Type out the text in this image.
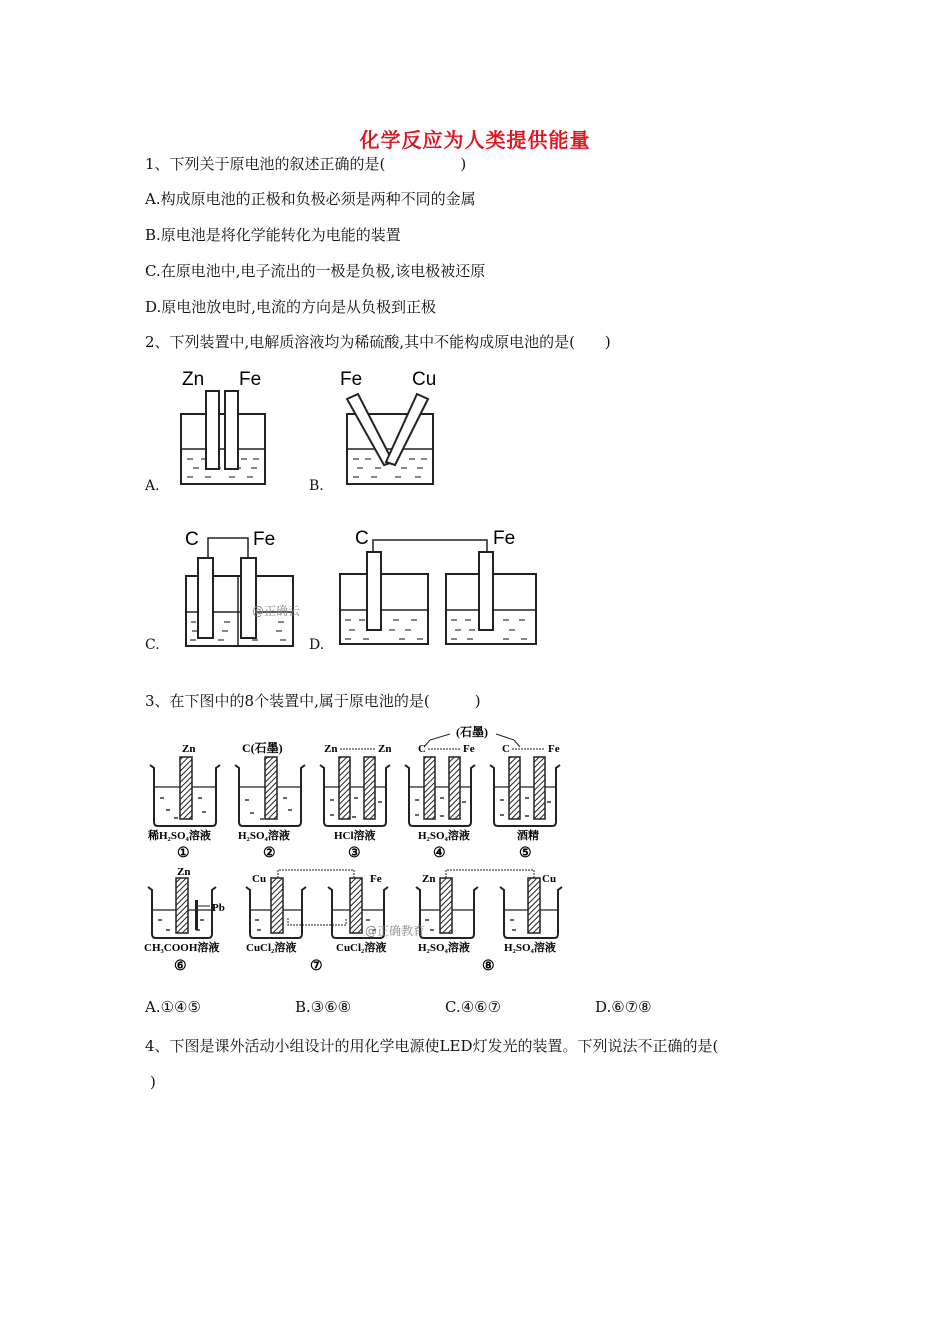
化学反应为人类提供能量
1、下列关于原电池的叙述正确的是(　　　　　)
A.构成原电池的正极和负极必须是两种不同的金属
B.原电池是将化学能转化为电能的装置
C.在原电池中,电子流出的一极是负极,该电极被还原
D.原电池放电时,电流的方向是从负极到正极
2、下列装置中,电解质溶液均为稀硫酸,其中不能构成原电池的是(　　)
Zn Fe
A.
Fe	Cu
B.
C	Fe
@正确云
C.
C	Fe
D.
3、在下图中的8个装置中,属于原电池的是(　　　)
Zn
稀H₂SO₄溶液
①
C(石墨)
H₂SO₄溶液
②
Zn	Zn
HCl溶液
③
(石墨)
C	Fe
H₂SO₄溶液
④
C	Fe
酒精
⑤
Zn
Pb
CH₃COOH溶液
⑥
Cu	Fe
CuCl₂溶液	CuCl₂溶液
⑦
Zn	Cu
H₂SO₄溶液	H₂SO₄溶液
⑧
@正确教育
A.①④⑤	B.③⑥⑧	C.④⑥⑦	D.⑥⑦⑧
4、下图是课外活动小组设计的用化学电源使LED灯发光的装置。下列说法不正确的是(
)
